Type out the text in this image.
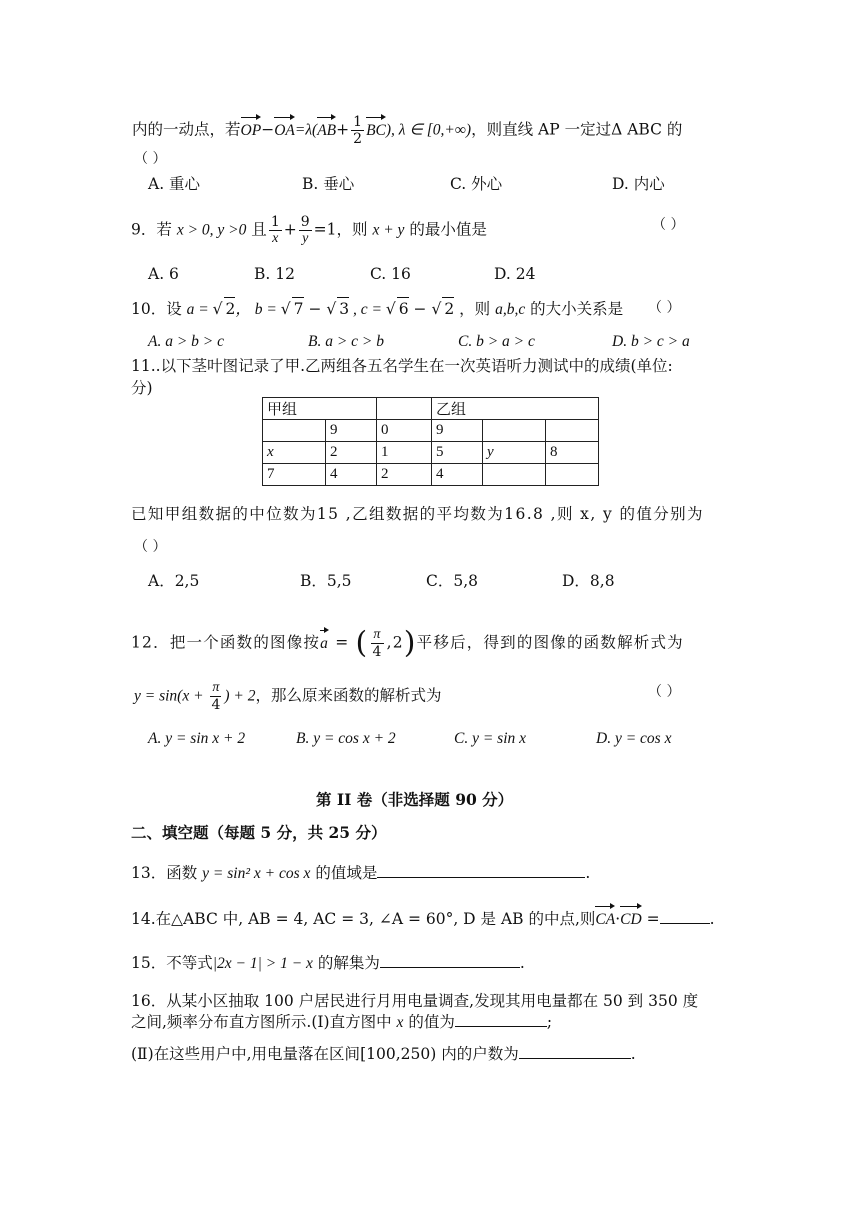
内的一动点，若$OP-OA=\lambda(AB+ \frac{1}{2} BC)$, λ ∈ [0,+∞)，则直线 AP 一定过Δ ABC 的
（ ）
A. 重心	B. 垂心	C. 外心	D. 内心
9．若 x > 0, y >0 且 $\frac{1}{x} + \frac{9}{y} =1$，则 x + y 的最小值是	（ ）
A. 6	B. 12	C. 16	D. 24
10．设 a = √ 2， b = √ 7 − √ 3 , c = √ 6 − √ 2 ，则 a,b,c 的大小关系是 （ ）
A. a > b > c	B. a > c > b	C. b > a > c	D. b > c > a
11..以下茎叶图记录了甲.乙两组各五名学生在一次英语听力测试中的成绩(单位:
分)
甲组			乙组		
	9	0	9		
x	2	1	5	y	8
7	4	2	4		
已知甲组数据的中位数为15 ,乙组数据的平均数为16.8 ,则 x, y 的值分别为
（ ）
A．2,5	B．5,5	C．5,8	D．8,8
12．把一个函数的图像按a = ( $\frac{\pi}{4} ,2$)平移后，得到的图像的函数解析式为
$y = \sin(x + \frac{\pi}{4}$ ) + 2，那么原来函数的解析式为	（ ）
A. y = sin x + 2	B. y = cos x + 2	C. y = sin x	D. y = cos x
第 II 卷（非选择题 90 分）
二、填空题（每题 5 分，共 25 分）
13．函数 y = sin² x + cos x 的值域是	.
14.在△ABC 中, AB = 4, AC = 3, ∠A = 60°, D 是 AB 的中点,则CA·CD =	.
15．不等式|2x − 1| > 1 − x 的解集为	.
16．从某小区抽取 100 户居民进行月用电量调查,发现其用电量都在 50 到 350 度
之间,频率分布直方图所示.(Ⅰ)直方图中 x 的值为	;
(Ⅱ)在这些用户中,用电量落在区间[100,250) 内的户数为	.
